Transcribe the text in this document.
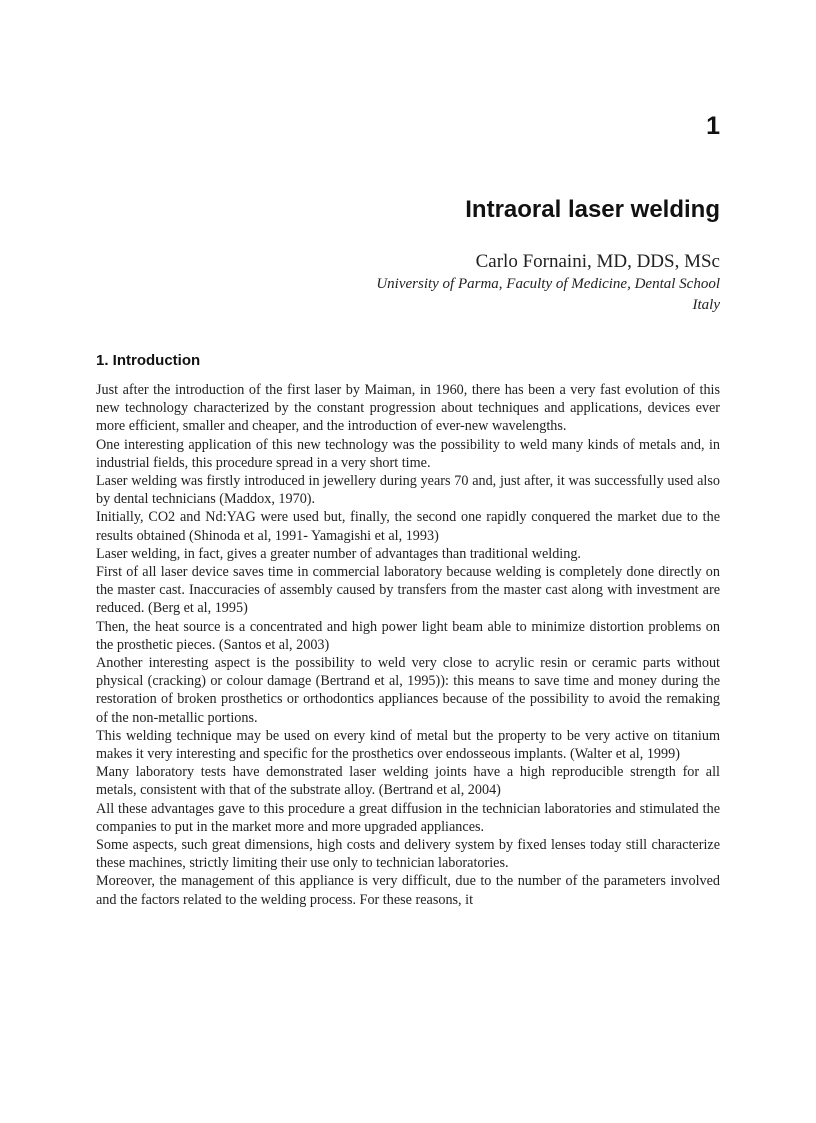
1
Intraoral laser welding
Carlo Fornaini, MD, DDS, MSc
University of Parma, Faculty of Medicine, Dental School
Italy
1. Introduction

Just after the introduction of the first laser by Maiman, in 1960, there has been a very fast evolution of this new technology characterized by the constant progression about techniques and applications, devices ever more efficient, smaller and cheaper, and the introduction of ever-new wavelengths.

One interesting application of this new technology was the possibility to weld many kinds of metals and, in industrial fields, this procedure spread in a very short time.

Laser welding was firstly introduced in jewellery during years 70 and, just after, it was successfully used also by dental technicians (Maddox, 1970).

Initially, CO2 and Nd:YAG were used but, finally, the second one rapidly conquered the market due to the results obtained (Shinoda et al, 1991- Yamagishi et al, 1993)

Laser welding, in fact, gives a greater number of advantages than traditional welding.

First of all laser device saves time in commercial laboratory because welding is completely done directly on the master cast. Inaccuracies of assembly caused by transfers from the master cast along with investment are reduced. (Berg et al, 1995)

Then, the heat source is a concentrated and high power light beam able to minimize distortion problems on the prosthetic pieces. (Santos et al, 2003)

Another interesting aspect is the possibility to weld very close to acrylic resin or ceramic parts without physical (cracking) or colour damage (Bertrand et al, 1995)): this means to save time and money during the restoration of broken prosthetics or orthodontics appliances because of the possibility to avoid the remaking of the non-metallic portions.

This welding technique may be used on every kind of metal but the property to be very active on titanium makes it very interesting and specific for the prosthetics over endosseous implants. (Walter et al, 1999)

Many laboratory tests have demonstrated laser welding joints have a high reproducible strength for all metals, consistent with that of the substrate alloy. (Bertrand et al, 2004)

All these advantages gave to this procedure a great diffusion in the technician laboratories and stimulated the companies to put in the market more and more upgraded appliances.

Some aspects, such great dimensions, high costs and delivery system by fixed lenses today still characterize these machines, strictly limiting their use only to technician laboratories.

Moreover, the management of this appliance is very difficult, due to the number of the parameters involved and the factors related to the welding process. For these reasons, it
